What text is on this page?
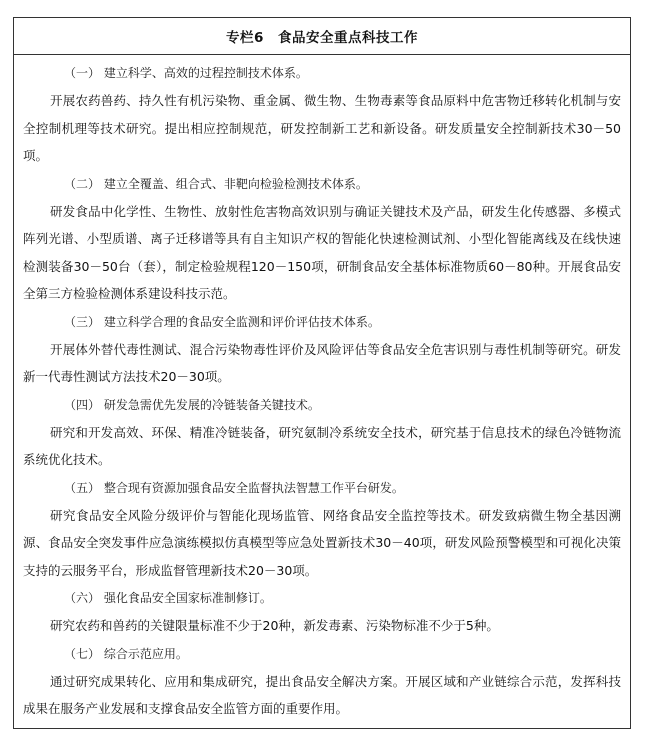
专栏6　食品安全重点科技工作
（一） 建立科学、高效的过程控制技术体系。

开展农药兽药、持久性有机污染物、重金属、微生物、生物毒素等食品原料中危害物迁移转化机制与安全控制机理等技术研究。提出相应控制规范，研发控制新工艺和新设备。研发质量安全控制新技术30－50项。

（二） 建立全覆盖、组合式、非靶向检验检测技术体系。

研发食品中化学性、生物性、放射性危害物高效识别与确证关键技术及产品，研发生化传感器、多模式阵列光谱、小型质谱、离子迁移谱等具有自主知识产权的智能化快速检测试剂、小型化智能离线及在线快速检测装备30－50台（套），制定检验规程120－150项，研制食品安全基体标准物质60－80种。开展食品安全第三方检验检测体系建设科技示范。

（三） 建立科学合理的食品安全监测和评价评估技术体系。

开展体外替代毒性测试、混合污染物毒性评价及风险评估等食品安全危害识别与毒性机制等研究。研发新一代毒性测试方法技术20－30项。

（四） 研发急需优先发展的冷链装备关键技术。

研究和开发高效、环保、精准冷链装备，研究氨制冷系统安全技术，研究基于信息技术的绿色冷链物流系统优化技术。

（五） 整合现有资源加强食品安全监督执法智慧工作平台研发。

研究食品安全风险分级评价与智能化现场监管、网络食品安全监控等技术。研发致病微生物全基因溯源、食品安全突发事件应急演练模拟仿真模型等应急处置新技术30－40项，研发风险预警模型和可视化决策支持的云服务平台，形成监督管理新技术20－30项。

（六） 强化食品安全国家标准制修订。

研究农药和兽药的关键限量标准不少于20种，新发毒素、污染物标准不少于5种。

（七） 综合示范应用。

通过研究成果转化、应用和集成研究，提出食品安全解决方案。开展区域和产业链综合示范，发挥科技成果在服务产业发展和支撑食品安全监管方面的重要作用。
